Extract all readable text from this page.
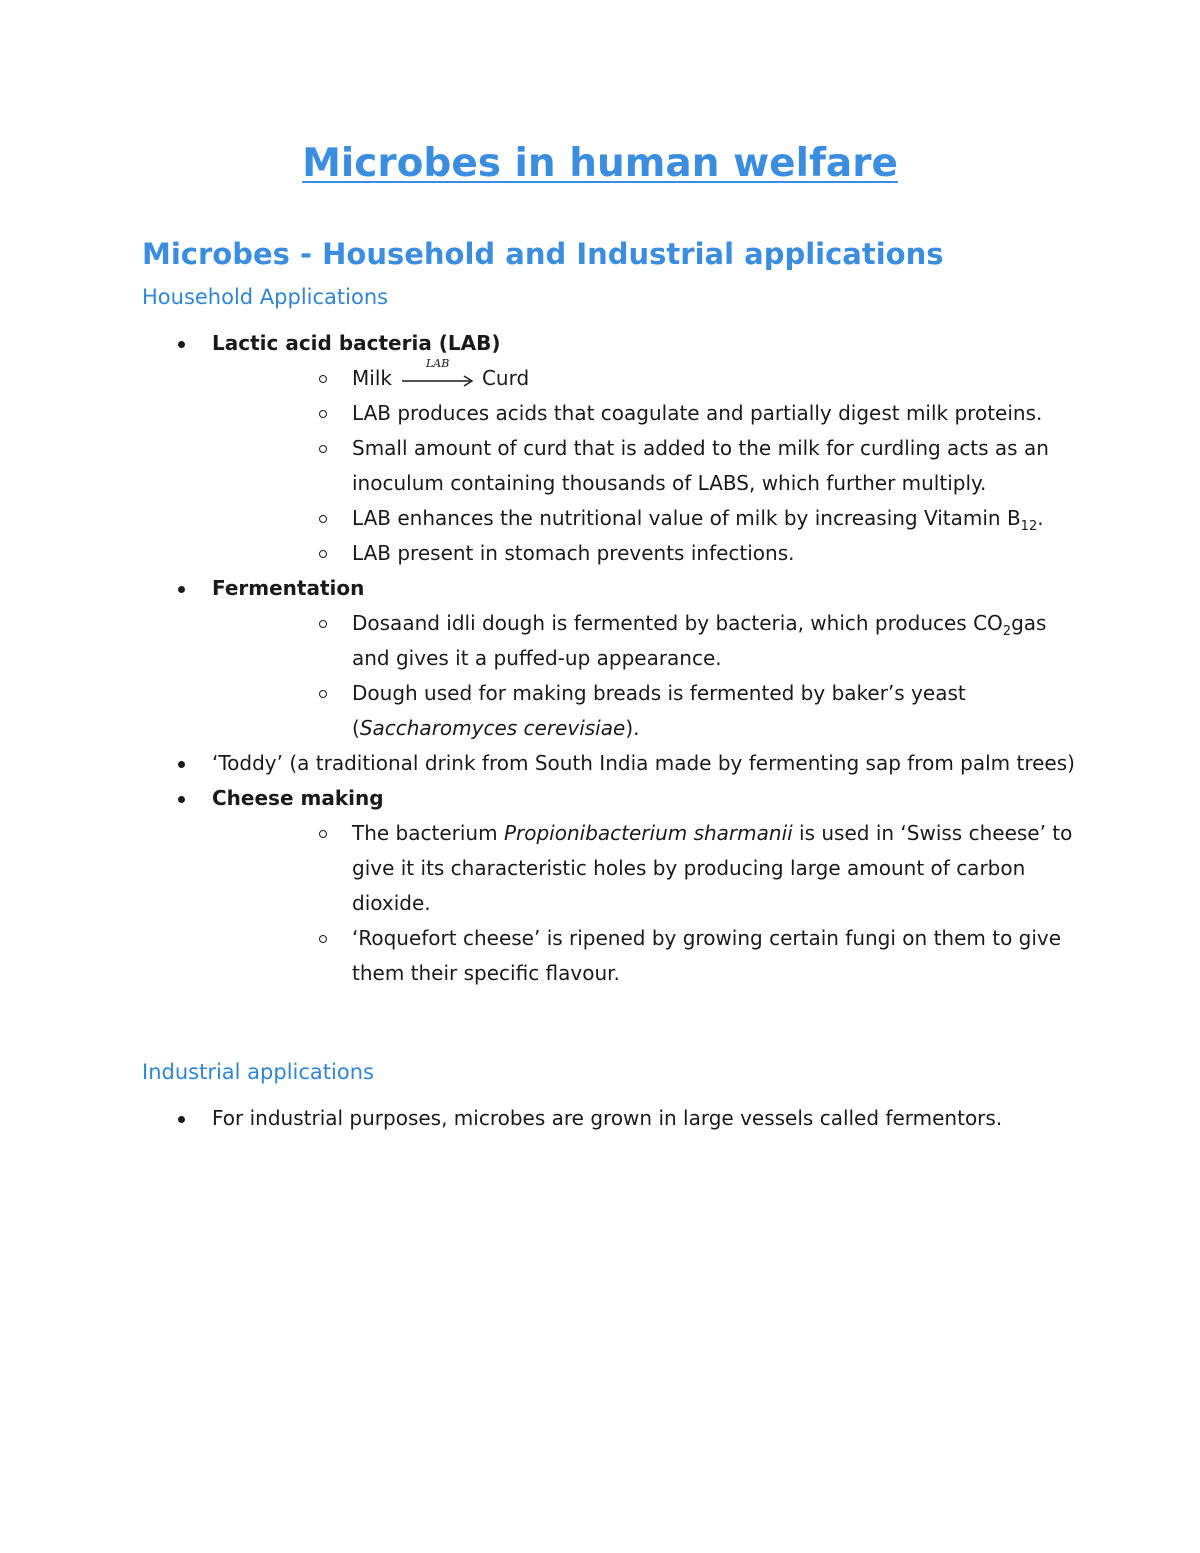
Microbes in human welfare
Microbes - Household and Industrial applications
Household Applications
Lactic acid bacteria (LAB)
Milk
LAB
Curd
LAB produces acids that coagulate and partially digest milk proteins.
Small amount of curd that is added to the milk for curdling acts as an inoculum containing thousands of LABS, which further multiply.
LAB enhances the nutritional value of milk by increasing Vitamin $B_{12}$.
LAB present in stomach prevents infections.
Fermentation
Dosaand idli dough is fermented by bacteria, which produces $CO_2gas$ and gives it a puffed-up appearance.
Dough used for making breads is fermented by baker’s yeast (Saccharomyces cerevisiae).
‘Toddy’ (a traditional drink from South India made by fermenting sap from palm trees)
Cheese making
The bacterium Propionibacterium sharmanii is used in ‘Swiss cheese’ to give it its characteristic holes by producing large amount of carbon dioxide.
‘Roquefort cheese’ is ripened by growing certain fungi on them to give them their specific flavour.
Industrial applications
For industrial purposes, microbes are grown in large vessels called fermentors.
